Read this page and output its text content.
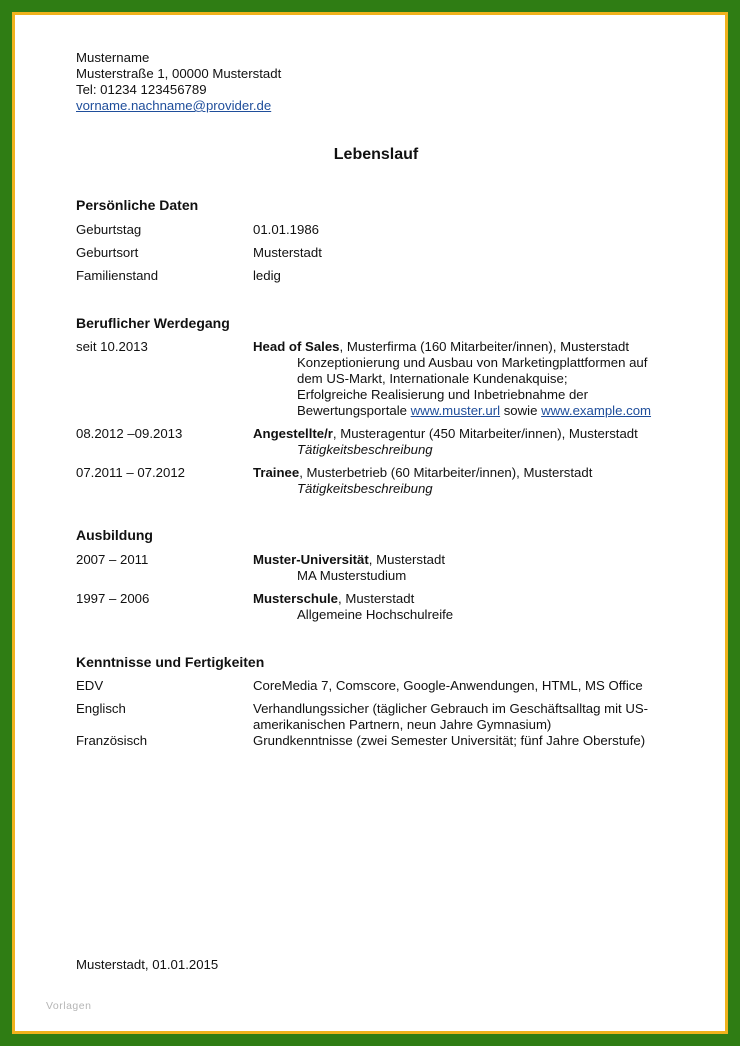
Mustername
Musterstraße 1, 00000 Musterstadt
Tel: 01234 123456789
vorname.nachname@provider.de
Lebenslauf
Persönliche Daten
Geburtstag	01.01.1986
Geburtsort	Musterstadt
Familienstand	ledig
Beruflicher Werdegang
seit 10.2013	Head of Sales, Musterfirma (160 Mitarbeiter/innen), Musterstadt
Konzeptionierung und Ausbau von Marketingplattformen auf
dem US-Markt, Internationale Kundenakquise;
Erfolgreiche Realisierung und Inbetriebnahme der
Bewertungsportale www.muster.url sowie www.example.com
08.2012 –09.2013	Angestellte/r, Musteragentur (450 Mitarbeiter/innen), Musterstadt
Tätigkeitsbeschreibung
07.2011 – 07.2012	Trainee, Musterbetrieb (60 Mitarbeiter/innen), Musterstadt
Tätigkeitsbeschreibung
Ausbildung
2007 – 2011	Muster-Universität, Musterstadt
MA Musterstudium
1997 – 2006	Musterschule, Musterstadt
Allgemeine Hochschulreife
Kenntnisse und Fertigkeiten
EDV	CoreMedia 7, Comscore, Google-Anwendungen, HTML, MS Office
Englisch	Verhandlungssicher (täglicher Gebrauch im Geschäftsalltag mit US-
amerikanischen Partnern, neun Jahre Gymnasium)
Französisch	Grundkenntnisse (zwei Semester Universität; fünf Jahre Oberstufe)
Musterstadt, 01.01.2015
Vorlagen
